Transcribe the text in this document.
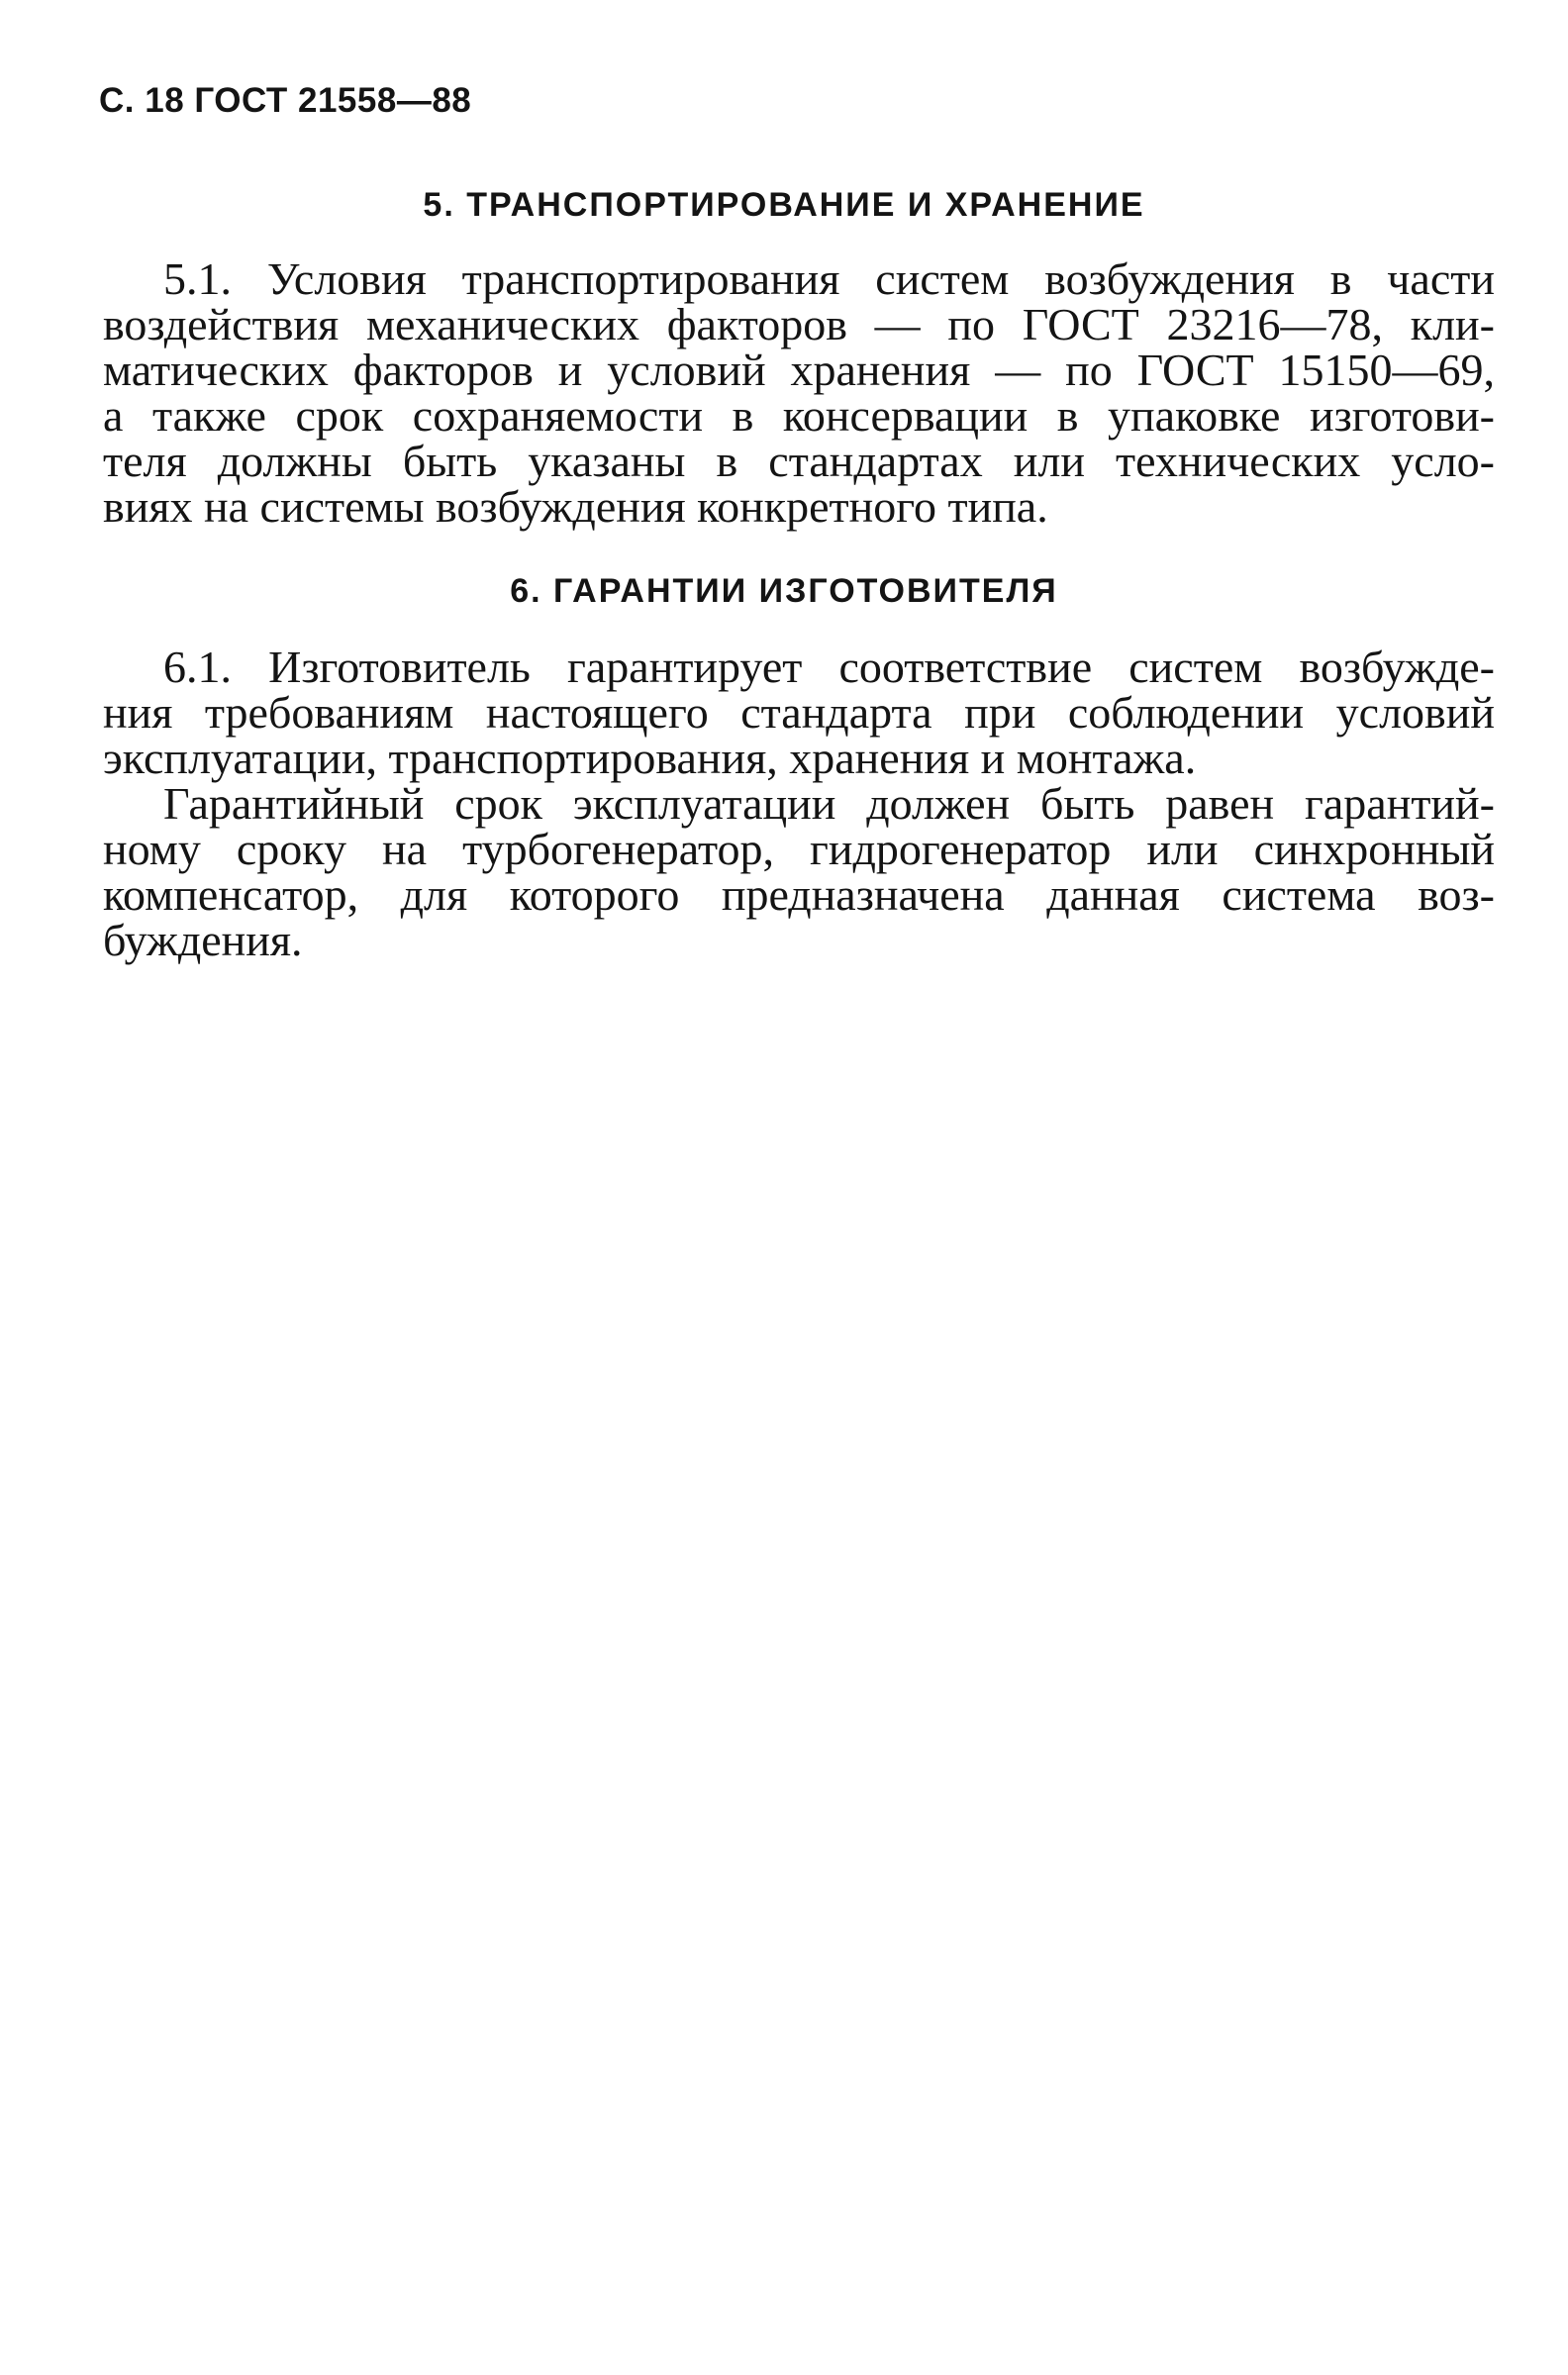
С. 18 ГОСТ 21558—88
5. ТРАНСПОРТИРОВАНИЕ И ХРАНЕНИЕ
5.1. Условия транспортирования систем возбуждения в части
воздействия механических факторов — по ГОСТ 23216—78, кли-
матических факторов и условий хранения — по ГОСТ 15150—69,
а также срок сохраняемости в консервации в упаковке изготови-
теля должны быть указаны в стандартах или технических усло-
виях на системы возбуждения конкретного типа.
6. ГАРАНТИИ ИЗГОТОВИТЕЛЯ
6.1. Изготовитель гарантирует соответствие систем возбужде-
ния требованиям настоящего стандарта при соблюдении условий
эксплуатации, транспортирования, хранения и монтажа.
Гарантийный срок эксплуатации должен быть равен гарантий-
ному сроку на турбогенератор, гидрогенератор или синхронный
компенсатор, для которого предназначена данная система воз-
буждения.
